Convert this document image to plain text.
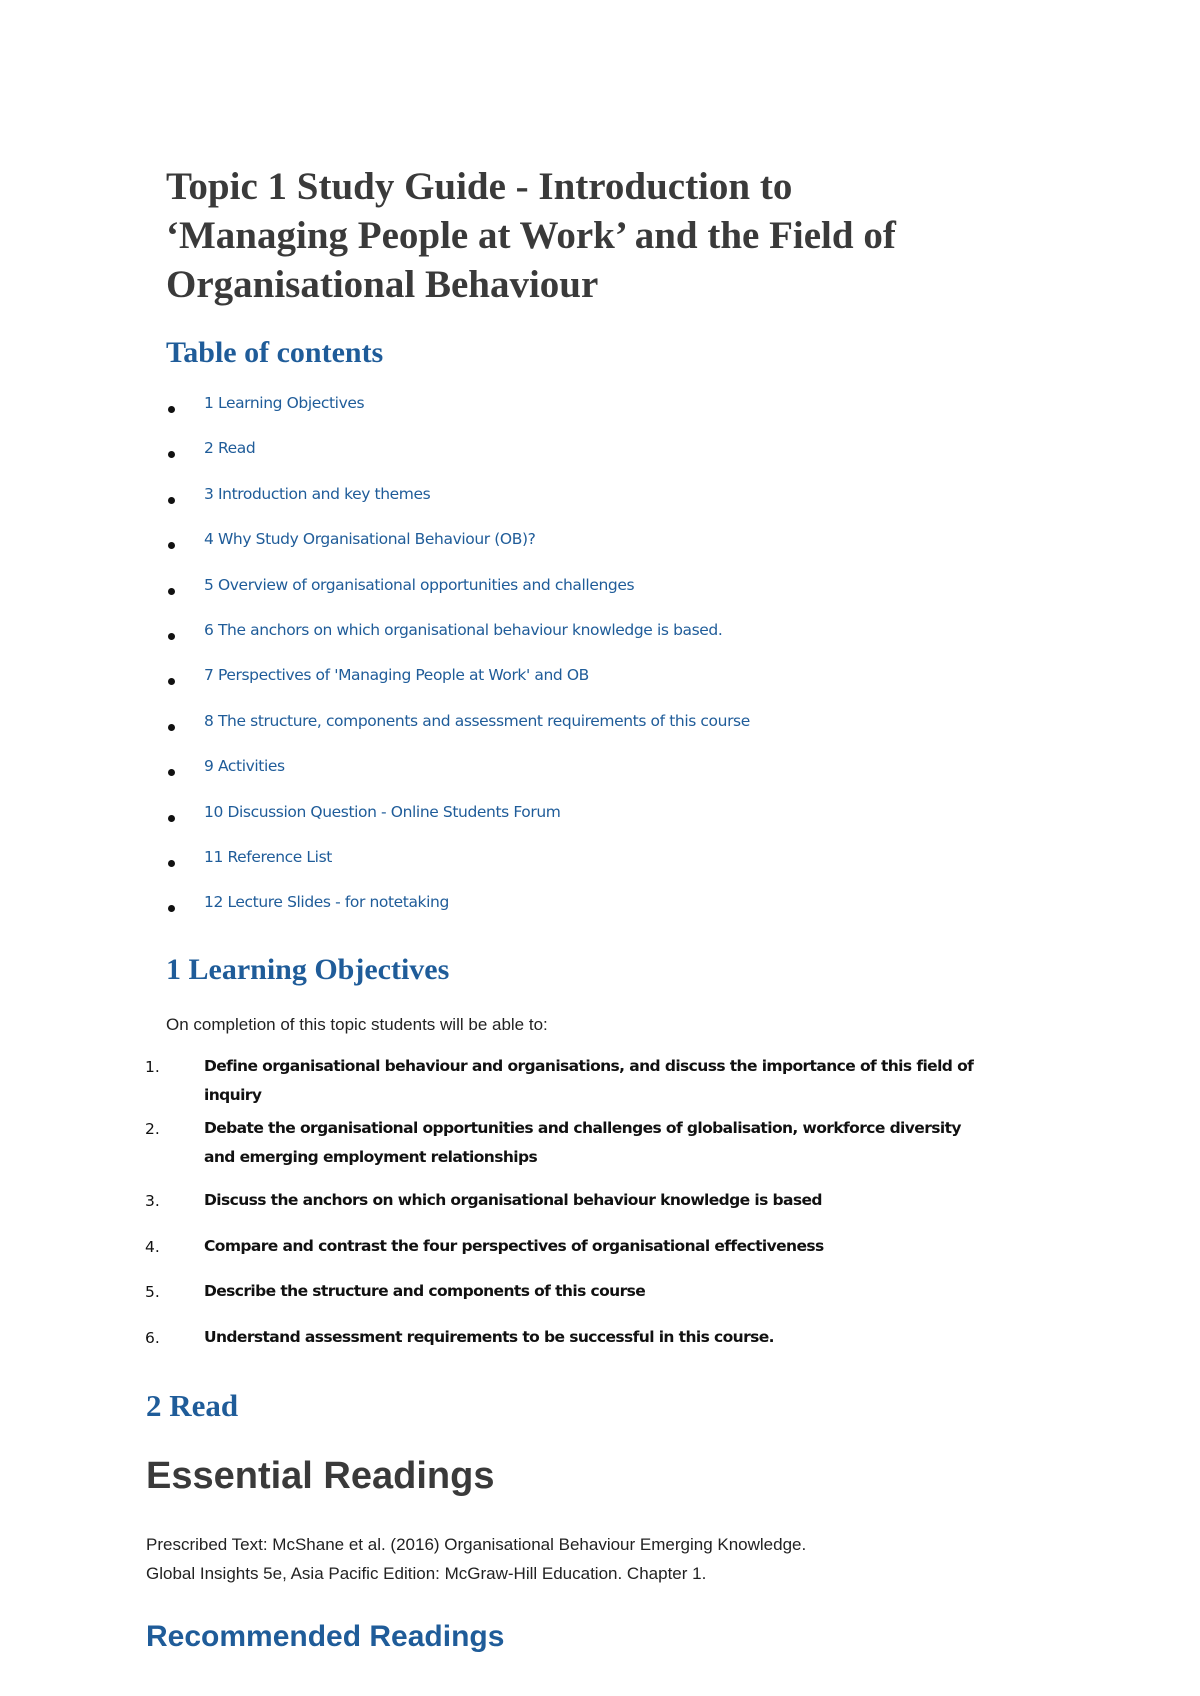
Topic 1 Study Guide - Introduction to
‘Managing People at Work’ and the Field of
Organisational Behaviour
Table of contents
1 Learning Objectives
2 Read
3 Introduction and key themes
4 Why Study Organisational Behaviour (OB)?
5 Overview of organisational opportunities and challenges
6 The anchors on which organisational behaviour knowledge is based.
7 Perspectives of 'Managing People at Work' and OB
8 The structure, components and assessment requirements of this course
9 Activities
10 Discussion Question - Online Students Forum
11 Reference List
12 Lecture Slides - for notetaking
1 Learning Objectives

On completion of this topic students will be able to:

1.	Define organisational behaviour and organisations, and discuss the importance of this field of inquiry
2.	Debate the organisational opportunities and challenges of globalisation, workforce diversity and emerging employment relationships
3.	Discuss the anchors on which organisational behaviour knowledge is based
4.	Compare and contrast the four perspectives of organisational effectiveness
5.	Describe the structure and components of this course
6.	Understand assessment requirements to be successful in this course.
2 Read
Essential Readings

Prescribed Text: McShane et al. (2016) Organisational Behaviour Emerging Knowledge.
Global Insights 5e, Asia Pacific Edition: McGraw-Hill Education. Chapter 1.

Recommended Readings
